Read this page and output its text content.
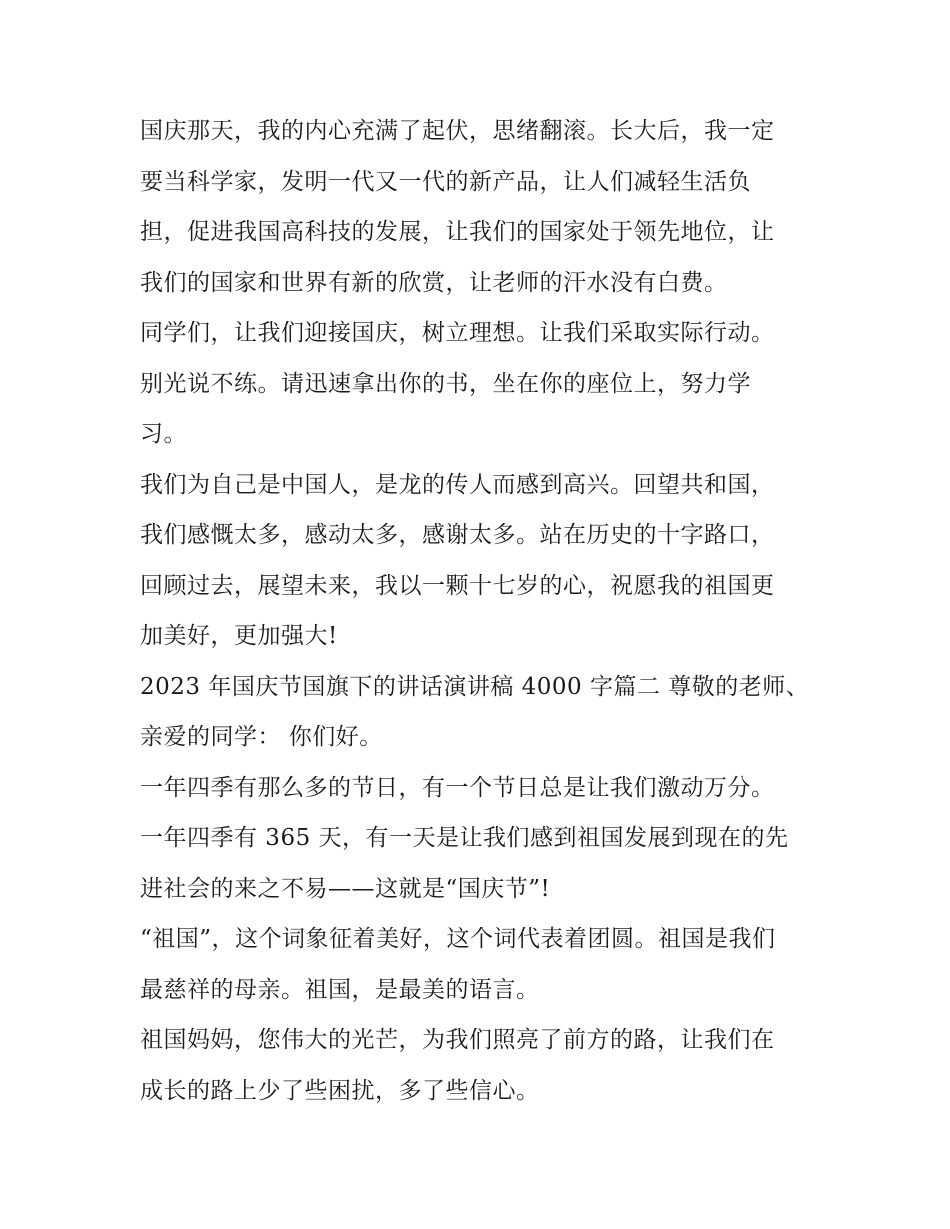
国庆那天，我的内心充满了起伏，思绪翻滚。长大后，我一定
要当科学家，发明一代又一代的新产品，让人们减轻生活负
担，促进我国高科技的发展，让我们的国家处于领先地位，让
我们的国家和世界有新的欣赏，让老师的汗水没有白费。

同学们，让我们迎接国庆，树立理想。让我们采取实际行动。
别光说不练。请迅速拿出你的书，坐在你的座位上，努力学
习。

我们为自己是中国人，是龙的传人而感到高兴。回望共和国，
我们感慨太多，感动太多，感谢太多。站在历史的十字路口，
回顾过去，展望未来，我以一颗十七岁的心，祝愿我的祖国更
加美好，更加强大!

2023 年国庆节国旗下的讲话演讲稿 4000 字篇二 尊敬的老师、
亲爱的同学： 你们好。

一年四季有那么多的节日，有一个节日总是让我们激动万分。
一年四季有 365 天，有一天是让我们感到祖国发展到现在的先
进社会的来之不易——这就是“国庆节”!

“祖国”，这个词象征着美好，这个词代表着团圆。祖国是我们
最慈祥的母亲。祖国，是最美的语言。

祖国妈妈，您伟大的光芒，为我们照亮了前方的路，让我们在
成长的路上少了些困扰，多了些信心。
